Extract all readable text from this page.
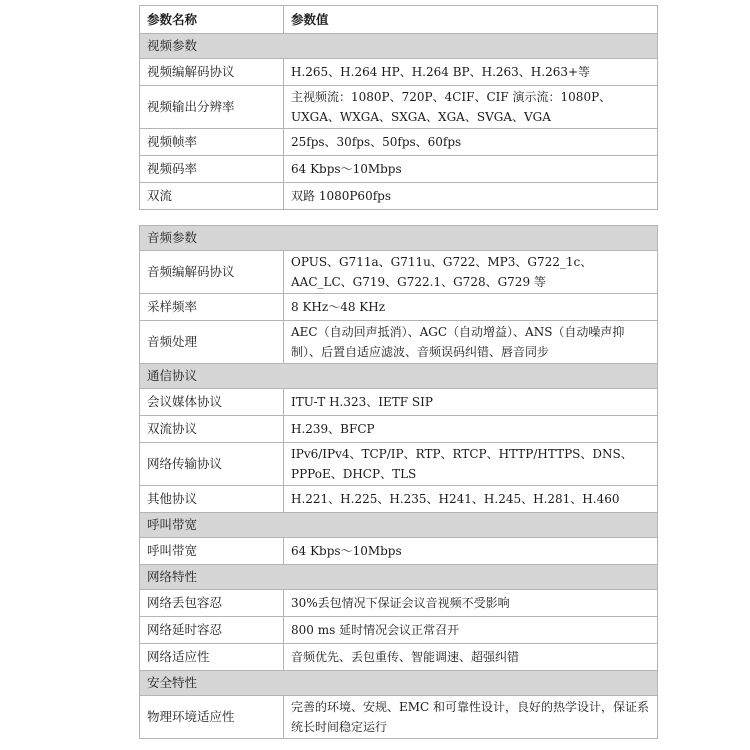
参数名称	参数值
视频参数	
视频编解码协议	H.265、H.264 HP、H.264 BP、H.263、H.263+等
视频输出分辨率	主视频流：1080P、720P、4CIF、CIF 演示流：1080P、UXGA、WXGA、SXGA、XGA、SVGA、VGA
视频帧率	25fps、30fps、50fps、60fps
视频码率	64 Kbps～10Mbps
双流	双路 1080P60fps
音频参数	
音频编解码协议	OPUS、G711a、G711u、G722、MP3、G722_1c、AAC_LC、G719、G722.1、G728、G729 等
采样频率	8 KHz～48 KHz
音频处理	AEC（自动回声抵消）、AGC（自动增益）、ANS（自动噪声抑制）、后置自适应滤波、音频误码纠错、唇音同步
通信协议	
会议媒体协议	ITU-T H.323、IETF SIP
双流协议	H.239、BFCP
网络传输协议	IPv6/IPv4、TCP/IP、RTP、RTCP、HTTP/HTTPS、DNS、PPPoE、DHCP、TLS
其他协议	H.221、H.225、H.235、H241、H.245、H.281、H.460
呼叫带宽	
呼叫带宽	64 Kbps～10Mbps
网络特性	
网络丢包容忍	30%丢包情况下保证会议音视频不受影响
网络延时容忍	800 ms 延时情况会议正常召开
网络适应性	音频优先、丢包重传、智能调速、超强纠错
安全特性	
物理环境适应性	完善的环境、安规、EMC 和可靠性设计，良好的热学设计，保证系统长时间稳定运行
